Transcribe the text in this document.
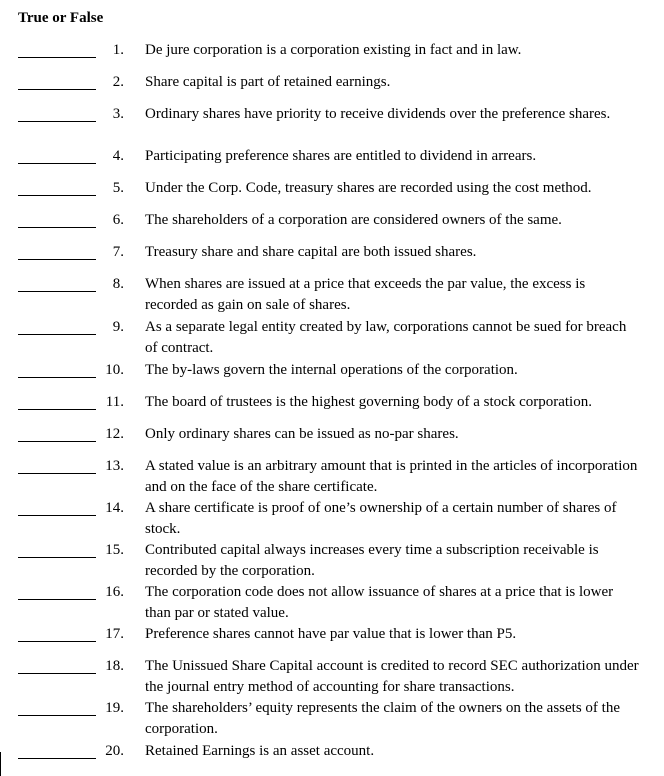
True or False
1. De jure corporation is a corporation existing in fact and in law.
2. Share capital is part of retained earnings.
3. Ordinary shares have priority to receive dividends over the preference shares.
4. Participating preference shares are entitled to dividend in arrears.
5. Under the Corp. Code, treasury shares are recorded using the cost method.
6. The shareholders of a corporation are considered owners of the same.
7. Treasury share and share capital are both issued shares.
8. When shares are issued at a price that exceeds the par value, the excess is recorded as gain on sale of shares.
9. As a separate legal entity created by law, corporations cannot be sued for breach of contract.
10. The by-laws govern the internal operations of the corporation.
11. The board of trustees is the highest governing body of a stock corporation.
12. Only ordinary shares can be issued as no-par shares.
13. A stated value is an arbitrary amount that is printed in the articles of incorporation and on the face of the share certificate.
14. A share certificate is proof of one’s ownership of a certain number of shares of stock.
15. Contributed capital always increases every time a subscription receivable is recorded by the corporation.
16. The corporation code does not allow issuance of shares at a price that is lower than par or stated value.
17. Preference shares cannot have par value that is lower than P5.
18. The Unissued Share Capital account is credited to record SEC authorization under the journal entry method of accounting for share transactions.
19. The shareholders’ equity represents the claim of the owners on the assets of the corporation.
20. Retained Earnings is an asset account.
